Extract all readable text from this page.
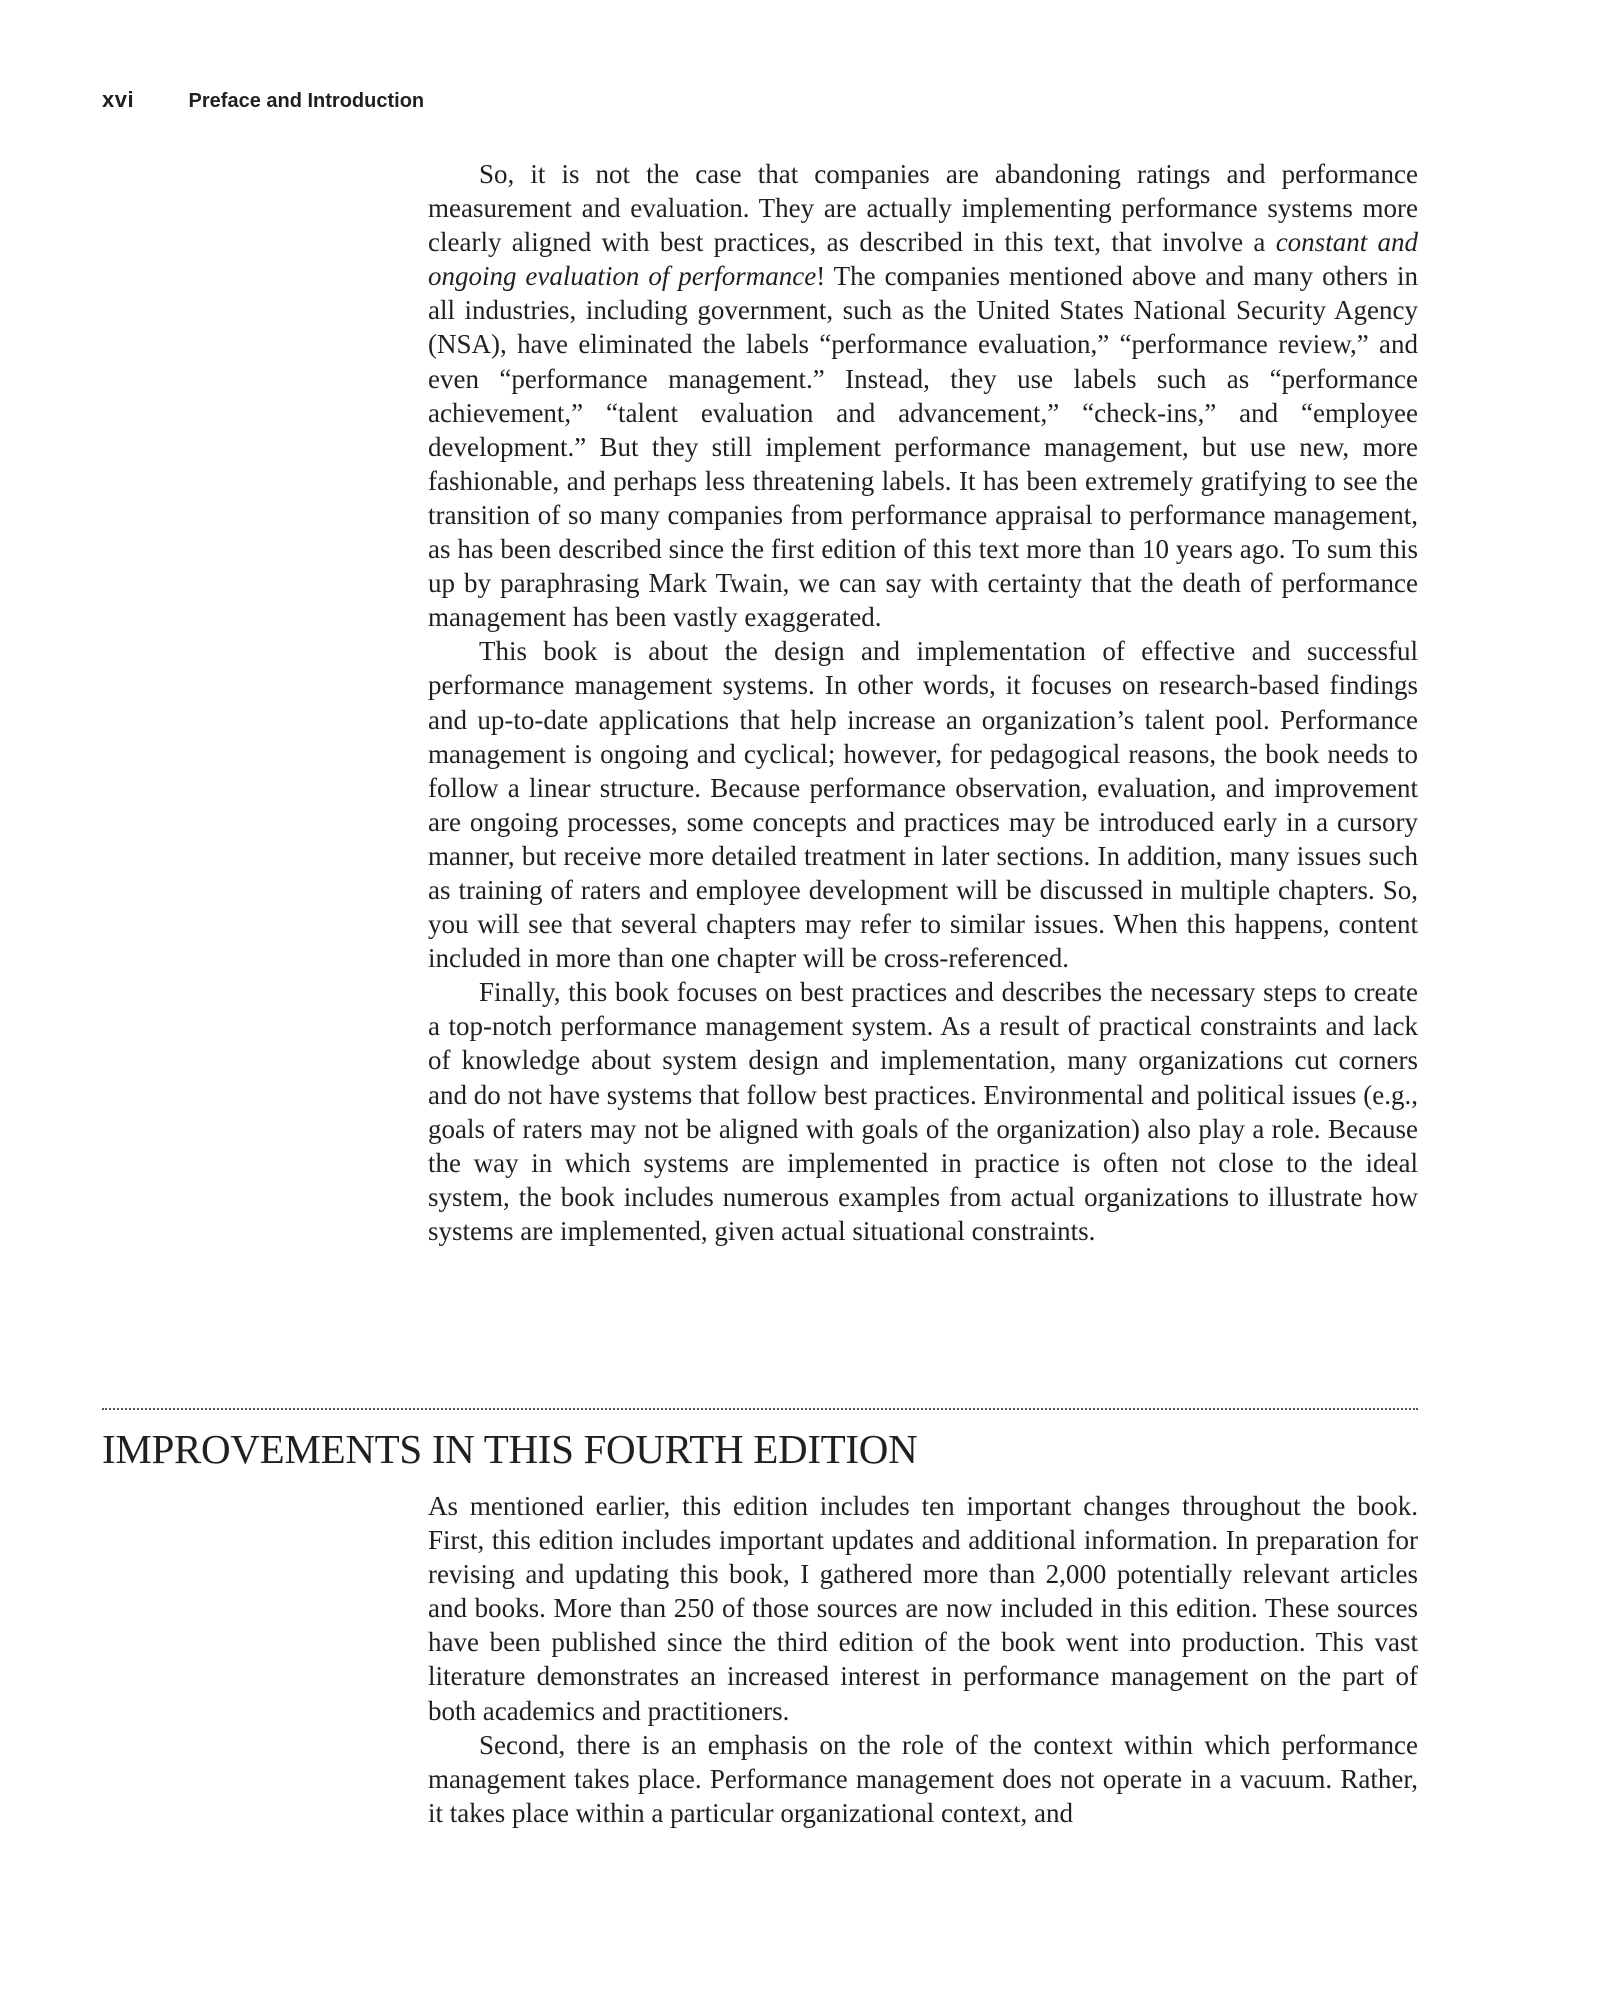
xvi	Preface and Introduction

So, it is not the case that companies are abandoning ratings and performance measurement and evaluation. They are actually implementing performance systems more clearly aligned with best practices, as described in this text, that involve a constant and ongoing evaluation of performance! The companies mentioned above and many others in all industries, including government, such as the United States National Security Agency (NSA), have eliminated the labels “performance evaluation,” “performance review,” and even “performance management.” Instead, they use labels such as “performance achievement,” “talent evaluation and advancement,” “check-ins,” and “employee development.” But they still implement performance management, but use new, more fashionable, and perhaps less threatening labels. It has been extremely gratifying to see the transition of so many companies from performance appraisal to performance management, as has been described since the first edition of this text more than 10 years ago. To sum this up by paraphrasing Mark Twain, we can say with certainty that the death of performance management has been vastly exaggerated.

This book is about the design and implementation of effective and successful performance management systems. In other words, it focuses on research-based findings and up-to-date applications that help increase an organization’s talent pool. Performance management is ongoing and cyclical; however, for pedagogical reasons, the book needs to follow a linear structure. Because performance observation, evaluation, and improvement are ongoing processes, some concepts and practices may be introduced early in a cursory manner, but receive more detailed treatment in later sections. In addition, many issues such as training of raters and employee development will be discussed in multiple chapters. So, you will see that several chapters may refer to similar issues. When this happens, content included in more than one chapter will be cross-referenced.

Finally, this book focuses on best practices and describes the necessary steps to create a top-notch performance management system. As a result of practical constraints and lack of knowledge about system design and implementation, many organizations cut corners and do not have systems that follow best practices. Environmental and political issues (e.g., goals of raters may not be aligned with goals of the organization) also play a role. Because the way in which systems are implemented in practice is often not close to the ideal system, the book includes numerous examples from actual organizations to illustrate how systems are implemented, given actual situational constraints.

IMPROVEMENTS IN THIS FOURTH EDITION

As mentioned earlier, this edition includes ten important changes throughout the book. First, this edition includes important updates and additional information. In preparation for revising and updating this book, I gathered more than 2,000 potentially relevant articles and books. More than 250 of those sources are now included in this edition. These sources have been published since the third edition of the book went into production. This vast literature demonstrates an increased interest in performance management on the part of both academics and practitioners.

Second, there is an emphasis on the role of the context within which performance management takes place. Performance management does not operate in a vacuum. Rather, it takes place within a particular organizational context, and
